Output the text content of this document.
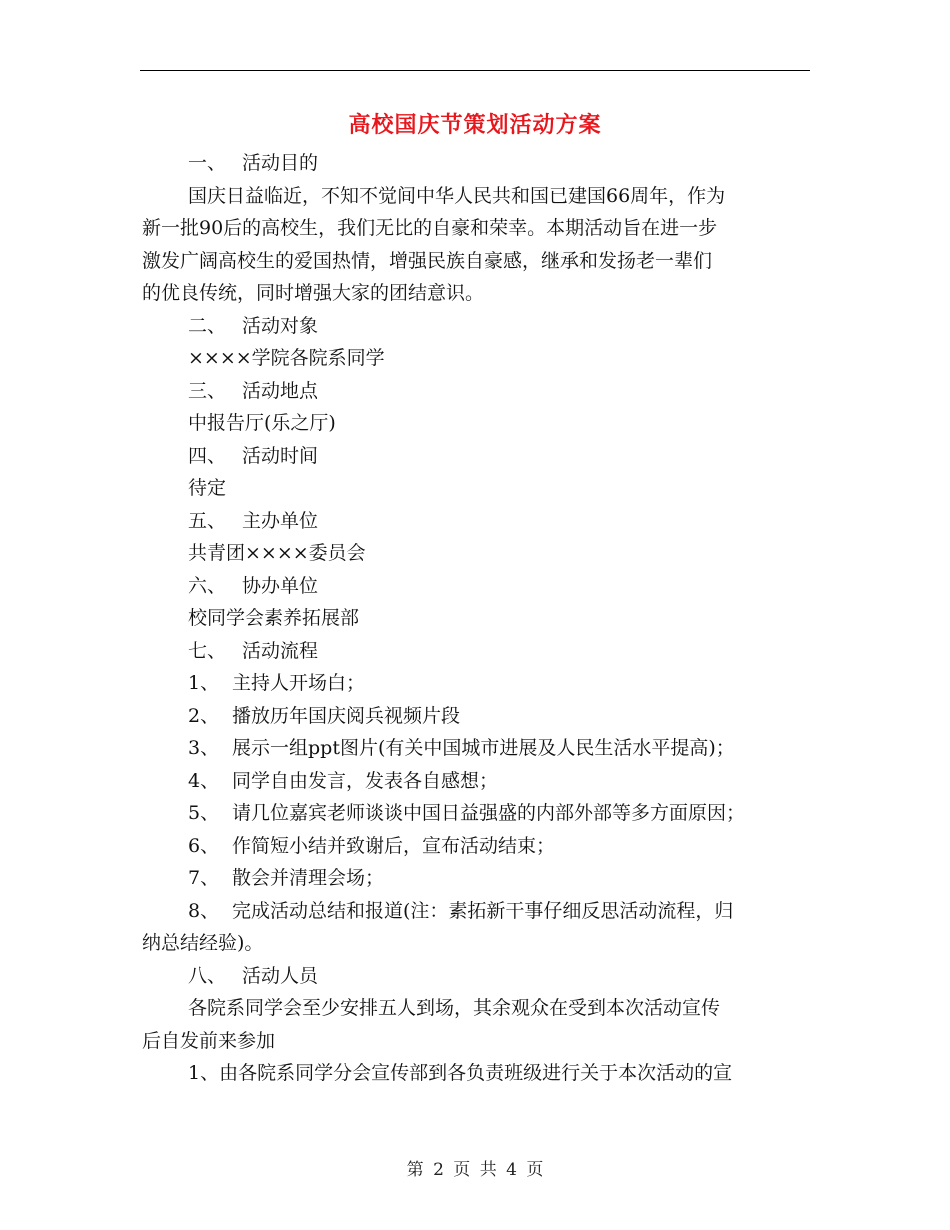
高校国庆节策划活动方案
一、 活动目的
国庆日益临近，不知不觉间中华人民共和国已建国66周年，作为
新一批90后的高校生，我们无比的自豪和荣幸。本期活动旨在进一步
激发广阔高校生的爱国热情，增强民族自豪感，继承和发扬老一辈们
的优良传统，同时增强大家的团结意识。
二、 活动对象
××××学院各院系同学
三、 活动地点
中报告厅(乐之厅)
四、 活动时间
待定
五、 主办单位
共青团××××委员会
六、 协办单位
校同学会素养拓展部
七、 活动流程
1、 主持人开场白；
2、 播放历年国庆阅兵视频片段
3、 展示一组ppt图片(有关中国城市进展及人民生活水平提高)；
4、 同学自由发言，发表各自感想；
5、 请几位嘉宾老师谈谈中国日益强盛的内部外部等多方面原因；
6、 作简短小结并致谢后，宣布活动结束；
7、 散会并清理会场；
8、 完成活动总结和报道(注：素拓新干事仔细反思活动流程，归
纳总结经验)。
八、 活动人员
各院系同学会至少安排五人到场，其余观众在受到本次活动宣传
后自发前来参加
1、由各院系同学分会宣传部到各负责班级进行关于本次活动的宣
第 2 页 共 4 页
